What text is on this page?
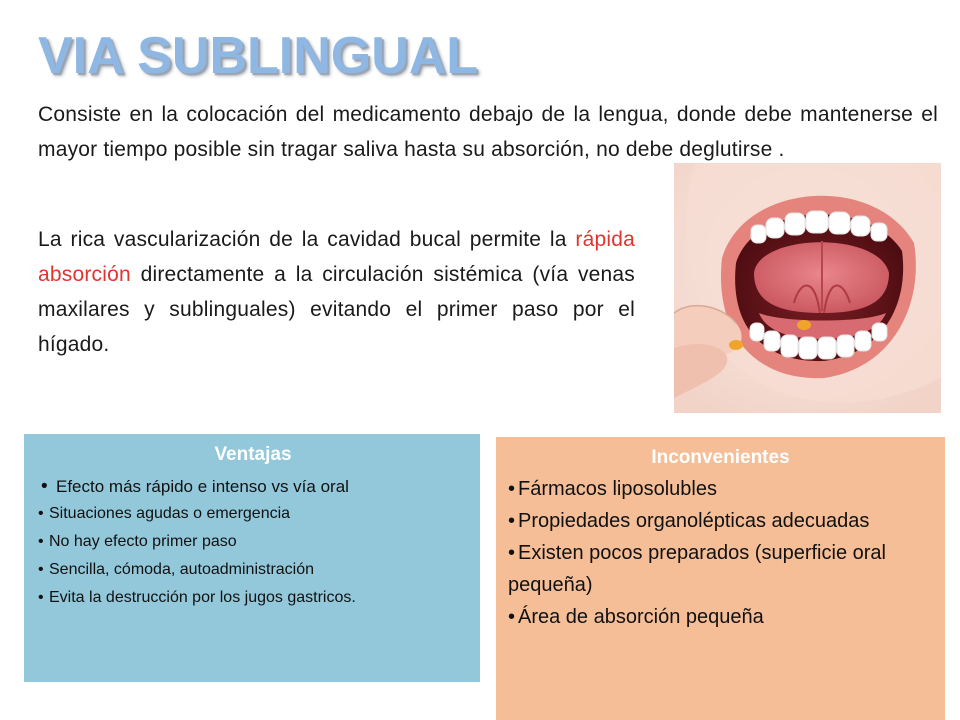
VIA SUBLINGUAL

Consiste en la colocación del medicamento debajo de la lengua, donde debe mantenerse el mayor tiempo posible sin tragar saliva hasta su absorción, no debe deglutirse .

La rica vascularización de la cavidad bucal permite la rápida absorción directamente a la circulación sistémica (vía venas maxilares y sublinguales) evitando el primer paso por el hígado.

Ventajas

• Efecto más rápido e intenso vs vía oral
• Situaciones agudas o emergencia
• No hay efecto primer paso
• Sencilla, cómoda, autoadministración
• Evita la destrucción por los jugos gastricos.

Inconvenientes

• Fármacos liposolubles
• Propiedades organolépticas adecuadas
• Existen pocos preparados (superficie oral pequeña)
• Área de absorción pequeña
